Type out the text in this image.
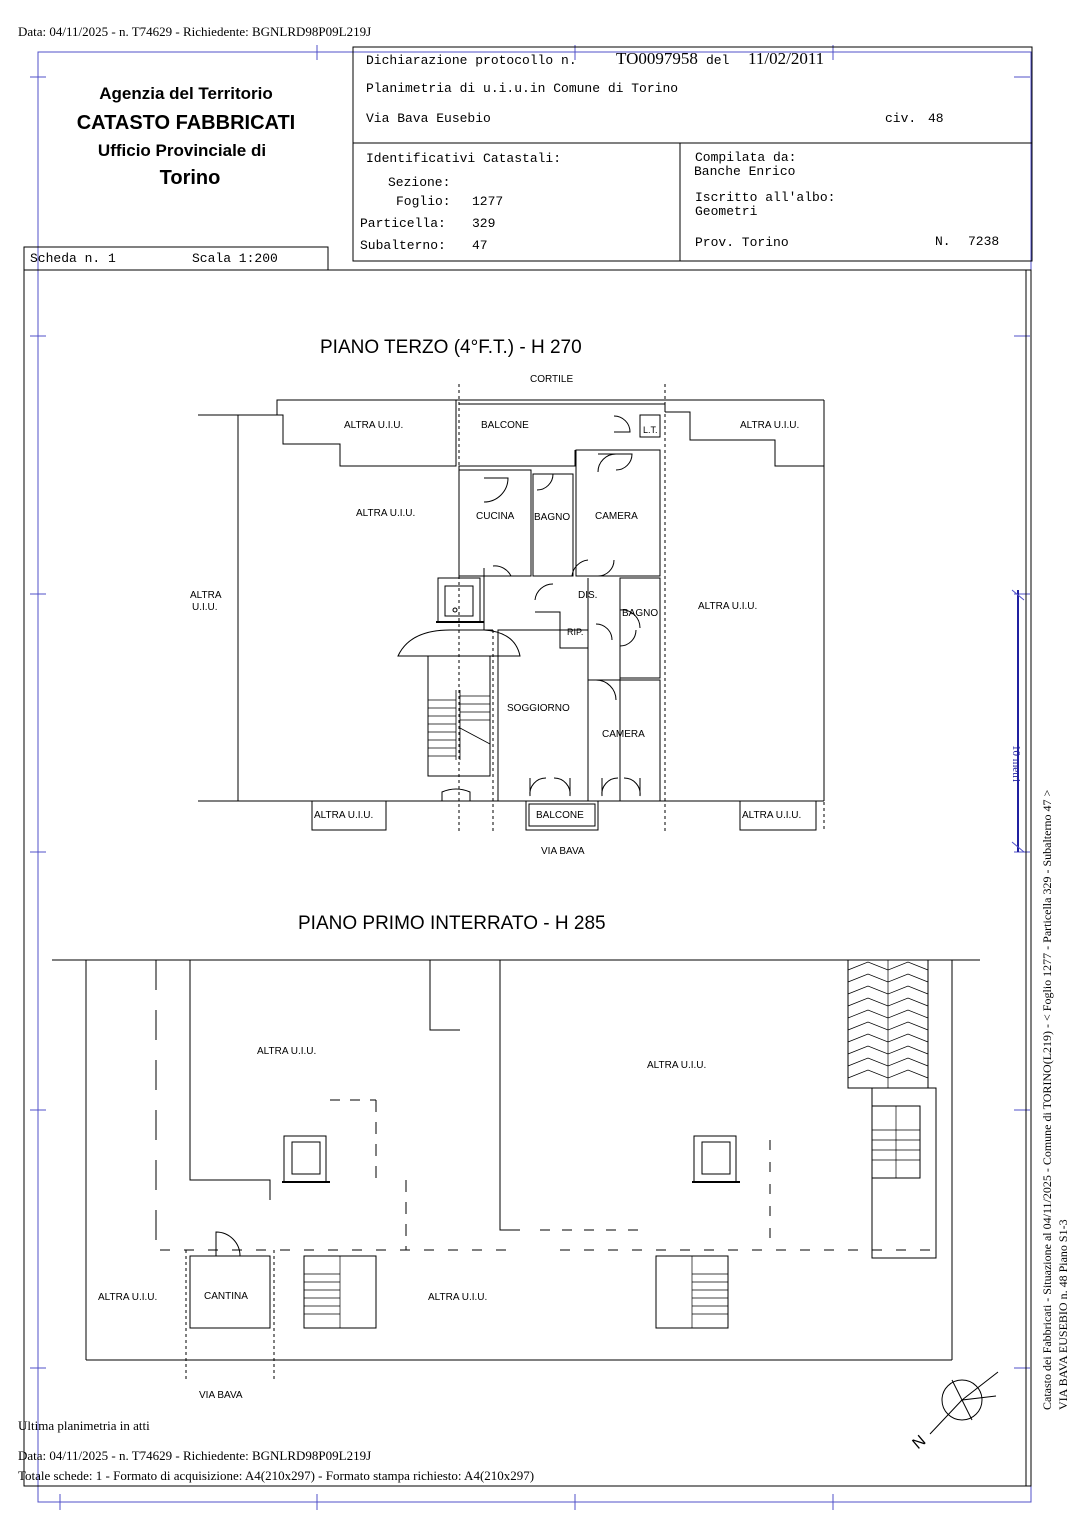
Data: 04/11/2025 - n. T74629 - Richiedente: BGNLRD98P09L219J
Agenzia del Territorio
CATASTO FABBRICATI
Ufficio Provinciale di
Torino
Scheda n. 1	Scala 1:200
Dichiarazione protocollo n. TO0097958 del 11/02/2011
Planimetria di u.i.u.in Comune di Torino
Via Bava Eusebio	civ. 48
Identificativi Catastali:
Sezione:
Foglio: 1277
Particella: 329
Subalterno: 47
Compilata da:
Banche Enrico
Iscritto all'albo:
Geometri
Prov. Torino	N. 7238
PIANO TERZO (4°F.T.) - H 270
CORTILE
ALTRA U.I.U.	BALCONE	L.T.	ALTRA U.I.U.
ALTRA U.I.U.	CUCINA BAGNO CAMERA
ALTRA
U.I.U.
DIS.
BAGNO
RIP.
ALTRA U.I.U.
SOGGIORNO
CAMERA
ALTRA U.I.U.	BALCONE	ALTRA U.I.U.
VIA BAVA
PIANO PRIMO INTERRATO - H 285
ALTRA U.I.U.
ALTRA U.I.U.
ALTRA U.I.U.	CANTINA	ALTRA U.I.U.
VIA BAVA
10 metri
N
Catasto dei Fabbricati - Situazione al 04/11/2025 - Comune di TORINO(L219) - < Foglio 1277 - Particella 329 - Subalterno 47 > VIA BAVA EUSEBIO n. 48 Piano S1-3
Ultima planimetria in atti
Data: 04/11/2025 - n. T74629 - Richiedente: BGNLRD98P09L219J
Totale schede: 1 - Formato di acquisizione: A4(210x297) - Formato stampa richiesto: A4(210x297)
